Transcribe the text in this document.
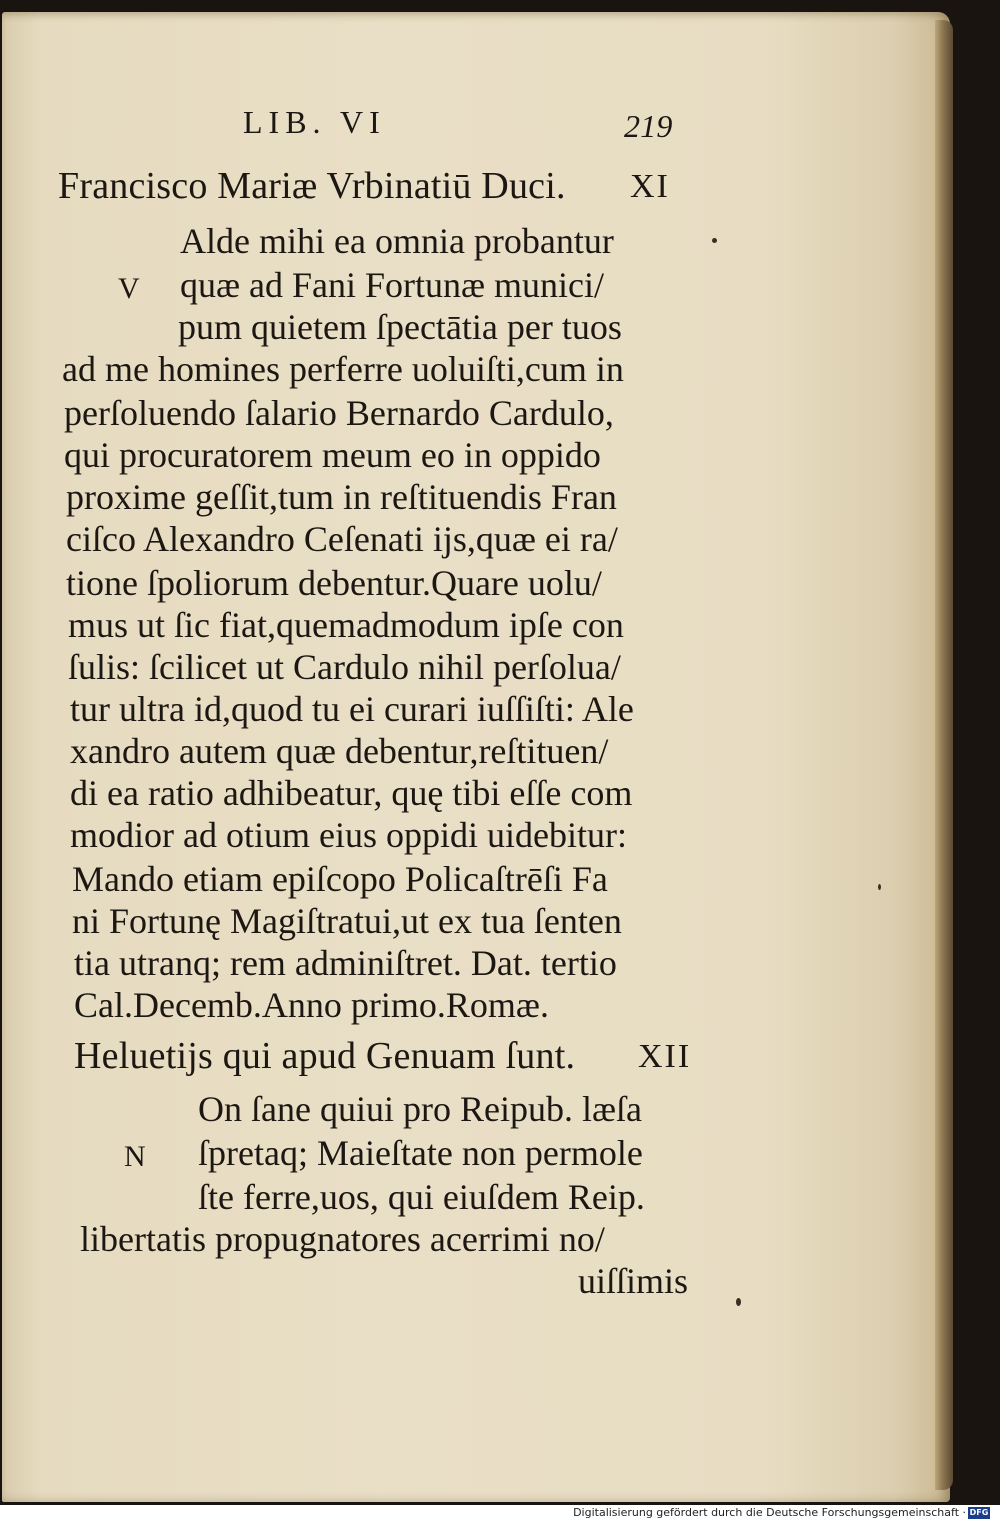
LIB. VI	219
Francisco Mariæ Vrbinatiū Duci. XI
V
Alde mihi ea omnia probantur
quæ ad Fani Fortunæ munici/
pum quietem ſpectātia per tuos
ad me homines perferre uoluiſti,cum in
perſoluendo ſalario Bernardo Cardulo,
qui procuratorem meum eo in oppido
proxime geſſit,tum in reſtituendis Fran
ciſco Alexandro Ceſenati ijs,quæ ei ra/
tione ſpoliorum debentur.Quare uolu/
mus ut ſic fiat,quemadmodum ipſe con
ſulis: ſcilicet ut Cardulo nihil perſolua/
tur ultra id,quod tu ei curari iuſſiſti: Ale
xandro autem quæ debentur,reſtituen/
di ea ratio adhibeatur, quę tibi eſſe com
modior ad otium eius oppidi uidebitur:
Mando etiam epiſcopo Policaſtrēſi Fa
ni Fortunę Magiſtratui,ut ex tua ſenten
tia utranq; rem adminiſtret. Dat. tertio
Cal.Decemb.Anno primo.Romæ.
Heluetijs qui apud Genuam ſunt. XII
N
On ſane quiui pro Reipub. læſa
ſpretaq; Maieſtate non permole
ſte ferre,uos, qui eiuſdem Reip.
libertatis propugnatores acerrimi no/
uiſſimis
Digitalisierung gefördert durch die Deutsche Forschungsgemeinschaft · DFG
